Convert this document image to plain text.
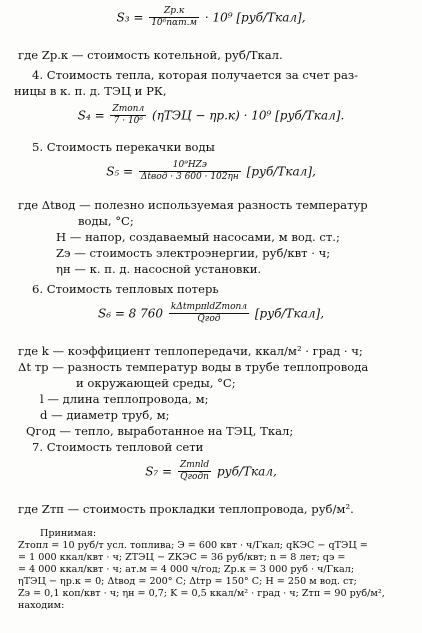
$S_3 = \frac{Zр.к}{\text{10⁶nαт.м}} \cdot 10^9$ [руб/Ткал],
где Zр.к — стоимость котельной, руб/Ткал.
4. Стоимость тепла, которая получается за счет раз-
ницы в к. п. д. ТЭЦ и РК,
$S_4 = \frac{\text{Zтопл}}{\text{7 · 10⁶}} (\eta ТЭЦ - \eta р.к) \cdot 10^9$ [руб/Ткал].
5. Стоимость перекачки воды
$S_5 = \frac{\text{10⁹HZэ}}{\text{Δtвод · 3 600 · 102ηн}}$ [руб/Ткал],
где Δtвод — полезно используемая разность температур
воды, °C;
H — напор, создаваемый насосами, м вод. ст.;
Zэ — стоимость электроэнергии, руб/квт · ч;
ηн — к. п. д. насосной установки.
6. Стоимость тепловых потерь
S₆ = 8 $760 \frac{\text{kΔtтрπldZтопл}}{\text{Qгод}}$ [руб/Ткал],
где k — коэффициент теплопередачи, ккал/м² · град · ч;
Δt тр — разность температур воды в трубе теплопровода
и окружающей среды, °C;
l — длина теплопровода, м;
d — диаметр труб, м;
Qгод — тепло, выработанное на ТЭЦ, Ткал;
7. Стоимость тепловой сети
$S_7 = \frac{\text{Zтпld}}{\text{Qгодn}}$ руб/Ткал,
где Zтп — стоимость прокладки теплопровода, руб/м².
Принимая:
Zтопл = 10 руб/т усл. топлива; Э = 600 квт · ч/Гкал; qКЭС − qТЭЦ =
= 1 000 ккал/квт · ч; ZТЭЦ − ZКЭС = 36 руб/квт; n = 8 лет; qэ =
= 4 000 ккал/квт · ч; aт.м = 4 000 ч/год; Zр.к = 3 000 руб · ч/Гкал;
ηТЭЦ − ηр.к = 0; Δtвод = 200° C; Δtтр = 150° C; H = 250 м вод. ст;
Zэ = 0,1 коп/квт · ч; ηн = 0,7; K = 0,5 ккал/м² · град · ч; Zтп = 90 руб/м²,
находим:
